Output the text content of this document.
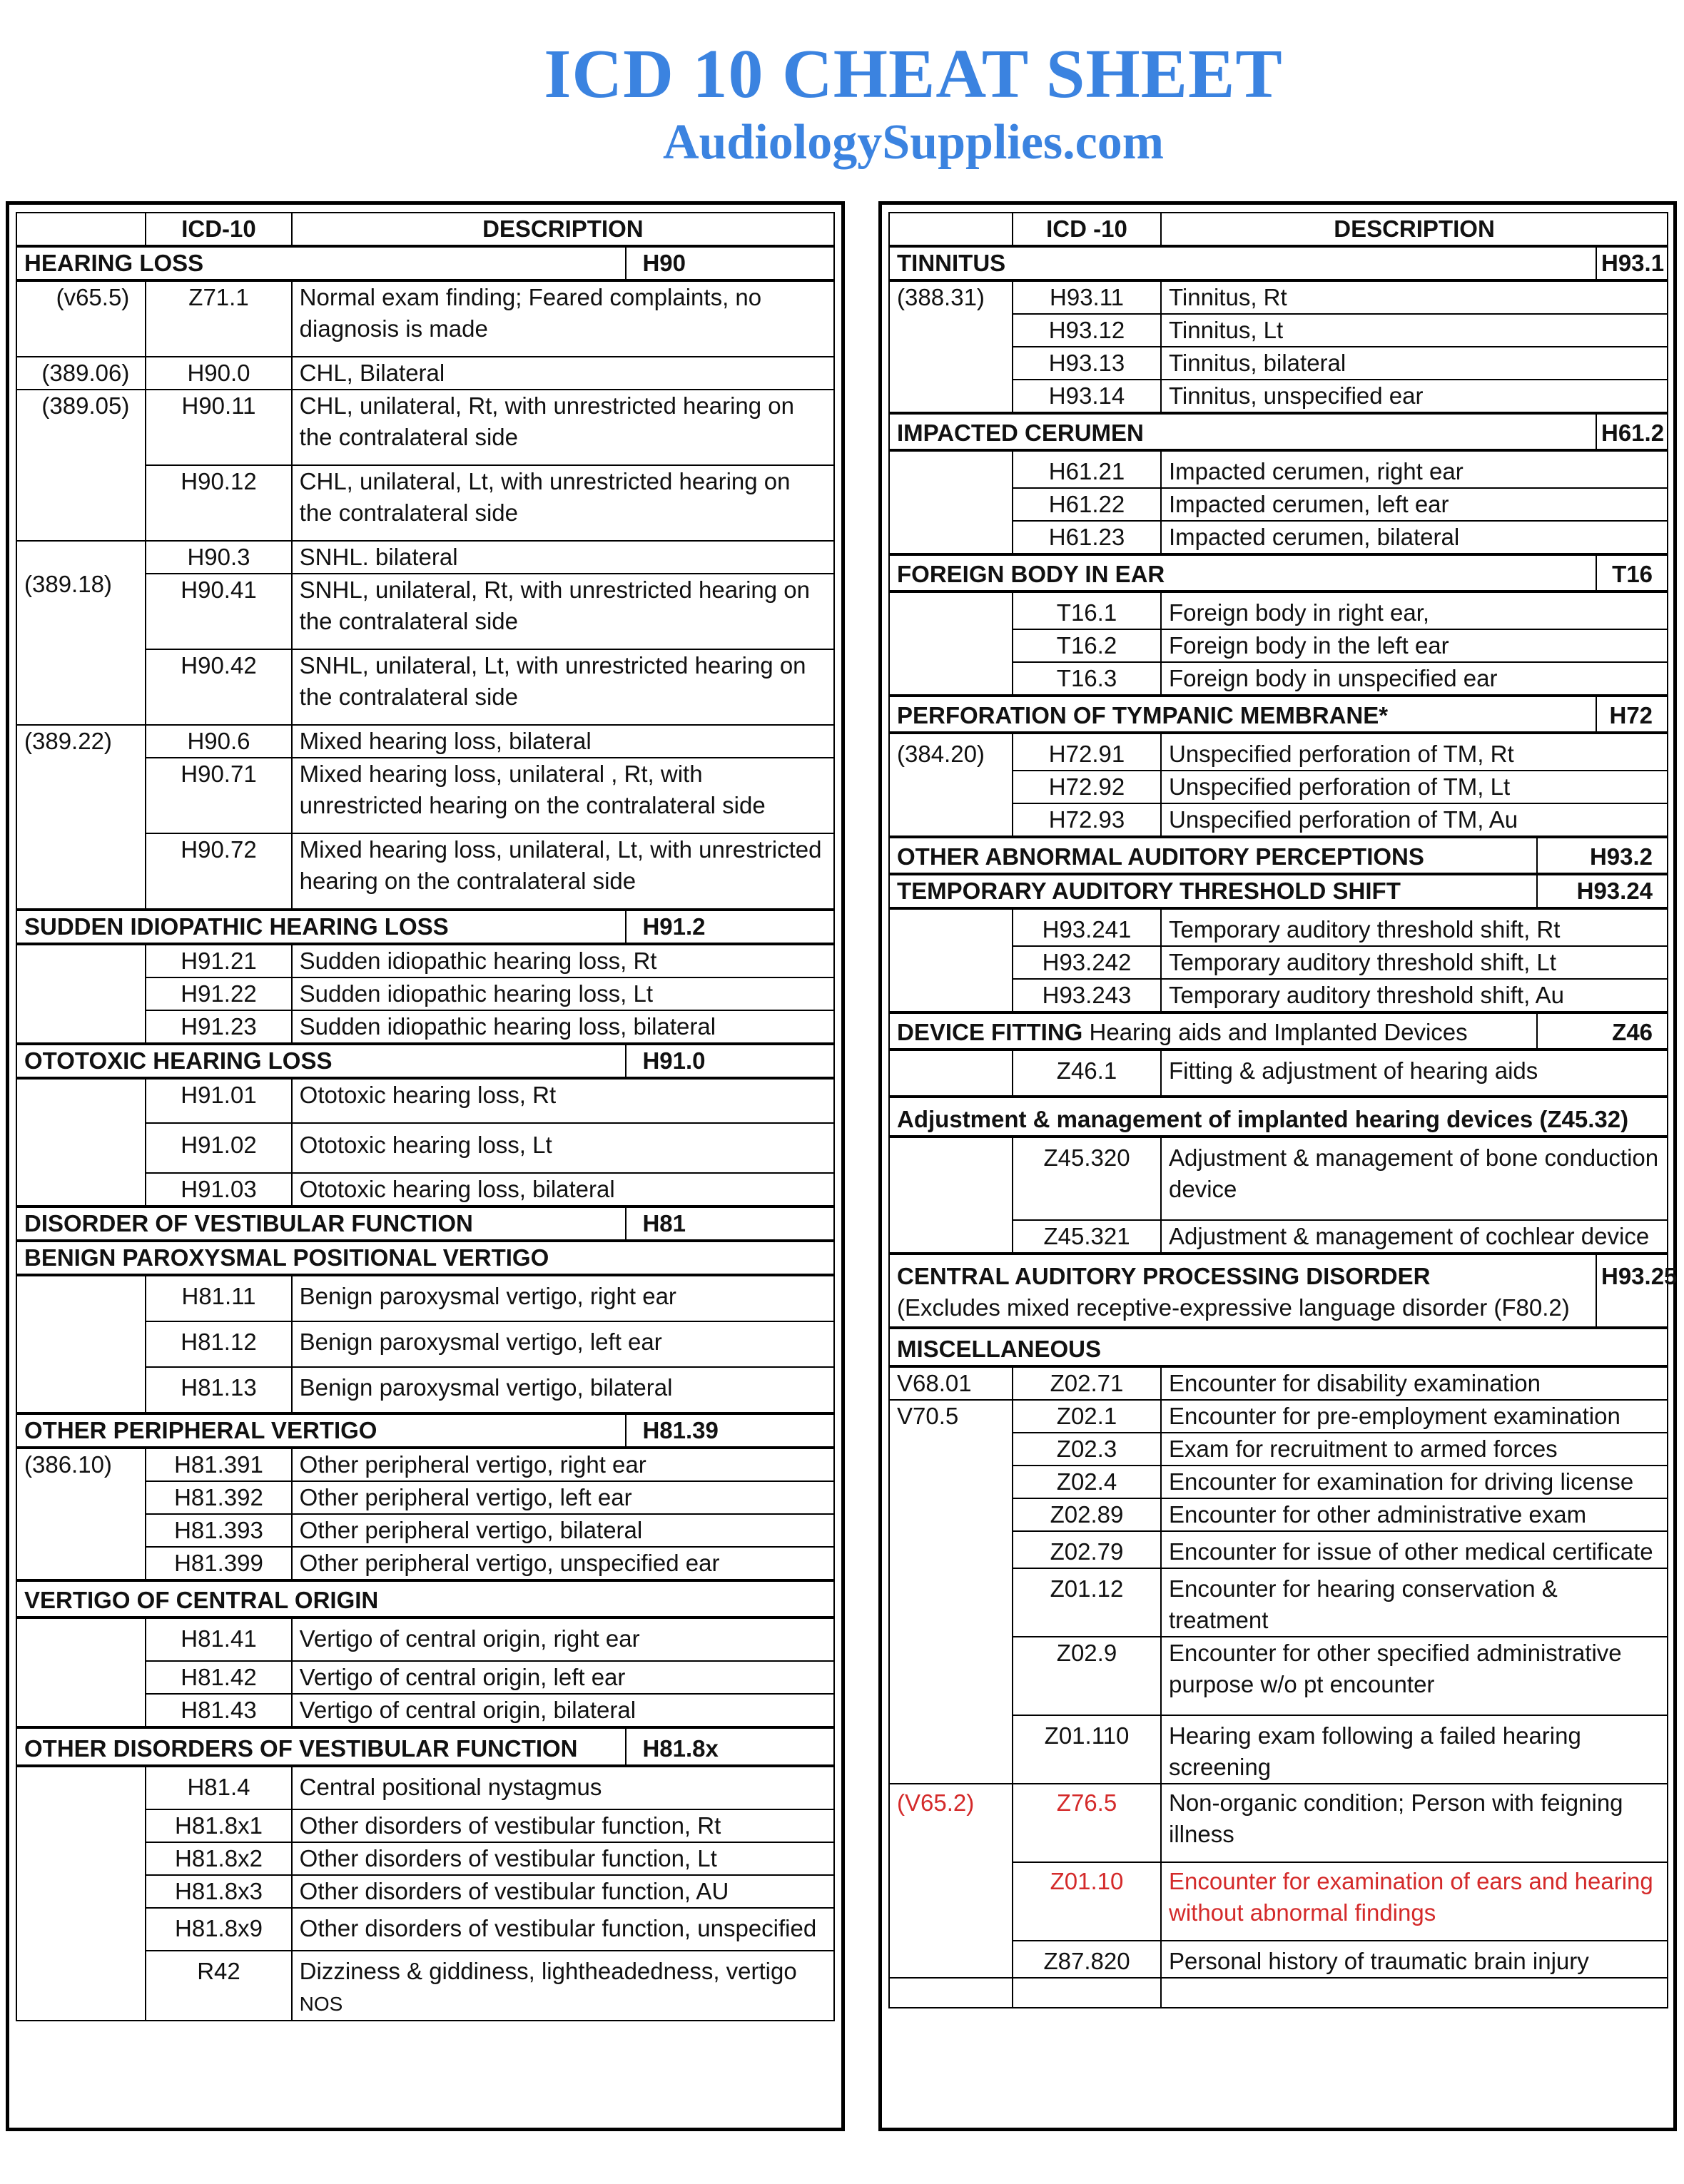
ICD 10 CHEAT SHEET
AudiologySupplies.com
	ICD-10	DESCRIPTION	
HEARING LOSS			H90
(v65.5)	Z71.1	Normal exam finding; Feared complaints, no diagnosis is made	
(389.06)	H90.0	CHL, Bilateral	
(389.05)	H90.11	CHL, unilateral, Rt, with unrestricted hearing on the contralateral side	
	H90.12	CHL, unilateral, Lt, with unrestricted hearing on the contralateral side	
(389.18)	H90.3	SNHL. bilateral	
	H90.41	SNHL, unilateral, Rt, with unrestricted hearing on the contralateral side	
	H90.42	SNHL, unilateral, Lt, with unrestricted hearing on the contralateral side	
(389.22)	H90.6	Mixed hearing loss, bilateral	
	H90.71	Mixed hearing loss, unilateral , Rt, with unrestricted hearing on the contralateral side	
	H90.72	Mixed hearing loss, unilateral, Lt, with unrestricted hearing on the contralateral side	
SUDDEN IDIOPATHIC HEARING LOSS			H91.2
	H91.21	Sudden idiopathic hearing loss, Rt	
	H91.22	Sudden idiopathic hearing loss, Lt	
	H91.23	Sudden idiopathic hearing loss, bilateral	
OTOTOXIC HEARING LOSS			H91.0
	H91.01	Ototoxic hearing loss, Rt	
	H91.02	Ototoxic hearing loss, Lt	
	H91.03	Ototoxic hearing loss, bilateral	
DISORDER OF VESTIBULAR FUNCTION			H81
BENIGN PAROXYSMAL POSITIONAL VERTIGO			
	H81.11	Benign paroxysmal vertigo, right ear	
	H81.12	Benign paroxysmal vertigo, left ear	
	H81.13	Benign paroxysmal vertigo, bilateral	
OTHER PERIPHERAL VERTIGO			H81.39
(386.10)	H81.391	Other peripheral vertigo, right ear	
	H81.392	Other peripheral vertigo, left ear	
	H81.393	Other peripheral vertigo, bilateral	
	H81.399	Other peripheral vertigo, unspecified ear	
VERTIGO OF CENTRAL ORIGIN			
	H81.41	Vertigo of central origin, right ear	
	H81.42	Vertigo of central origin, left ear	
	H81.43	Vertigo of central origin, bilateral	
OTHER DISORDERS OF VESTIBULAR FUNCTION			H81.8x
	H81.4	Central positional nystagmus	
	H81.8x1	Other disorders of vestibular function, Rt	
	H81.8x2	Other disorders of vestibular function, Lt	
	H81.8x3	Other disorders of vestibular function, AU	
	H81.8x9	Other disorders of vestibular function, unspecified	
	R42	Dizziness & giddiness, lightheadedness, vertigo NOS	
	ICD -10	DESCRIPTION		
TINNITUS				H93.1
(388.31)	H93.11	Tinnitus, Rt		
	H93.12	Tinnitus, Lt		
	H93.13	Tinnitus, bilateral		
	H93.14	Tinnitus, unspecified ear		
IMPACTED CERUMEN				H61.2
	H61.21	Impacted cerumen, right ear		
	H61.22	Impacted cerumen, left ear		
	H61.23	Impacted cerumen, bilateral		
FOREIGN BODY IN EAR				T16
	T16.1	Foreign body in right ear,		
	T16.2	Foreign body in the left ear		
	T16.3	Foreign body in unspecified ear		
PERFORATION OF TYMPANIC MEMBRANE*				H72
(384.20)	H72.91	Unspecified perforation of TM, Rt		
	H72.92	Unspecified perforation of TM, Lt		
	H72.93	Unspecified perforation of TM, Au		
OTHER ABNORMAL AUDITORY PERCEPTIONS			H93.2	
TEMPORARY AUDITORY THRESHOLD SHIFT			H93.24	
	H93.241	Temporary auditory threshold shift, Rt		
	H93.242	Temporary auditory threshold shift, Lt		
	H93.243	Temporary auditory threshold shift, Au		
DEVICE FITTING Hearing aids and Implanted Devices			Z46	
	Z46.1	Fitting & adjustment of hearing aids		
Adjustment & management of implanted hearing devices (Z45.32)				
	Z45.320	Adjustment & management of bone conduction device		
	Z45.321	Adjustment & management of cochlear device		

CENTRAL AUDITORY PROCESSING DISORDER
(Excludes mixed receptive-expressive language disorder (F80.2)				H93.25
MISCELLANEOUS				
V68.01	Z02.71	Encounter for disability examination		
V70.5	Z02.1	Encounter for pre-employment examination		
	Z02.3	Exam for recruitment to armed forces		
	Z02.4	Encounter for examination for driving license		
	Z02.89	Encounter for other administrative exam		
	Z02.79	Encounter for issue of other medical certificate		
	Z01.12	Encounter for hearing conservation & treatment		
	Z02.9	Encounter for other specified administrative purpose w/o pt encounter		
	Z01.110	Hearing exam following a failed hearing screening		
(V65.2)	Z76.5	Non-organic condition; Person with feigning illness		
	Z01.10	Encounter for examination of ears and hearing without abnormal findings		
	Z87.820	Personal history of traumatic brain injury		
